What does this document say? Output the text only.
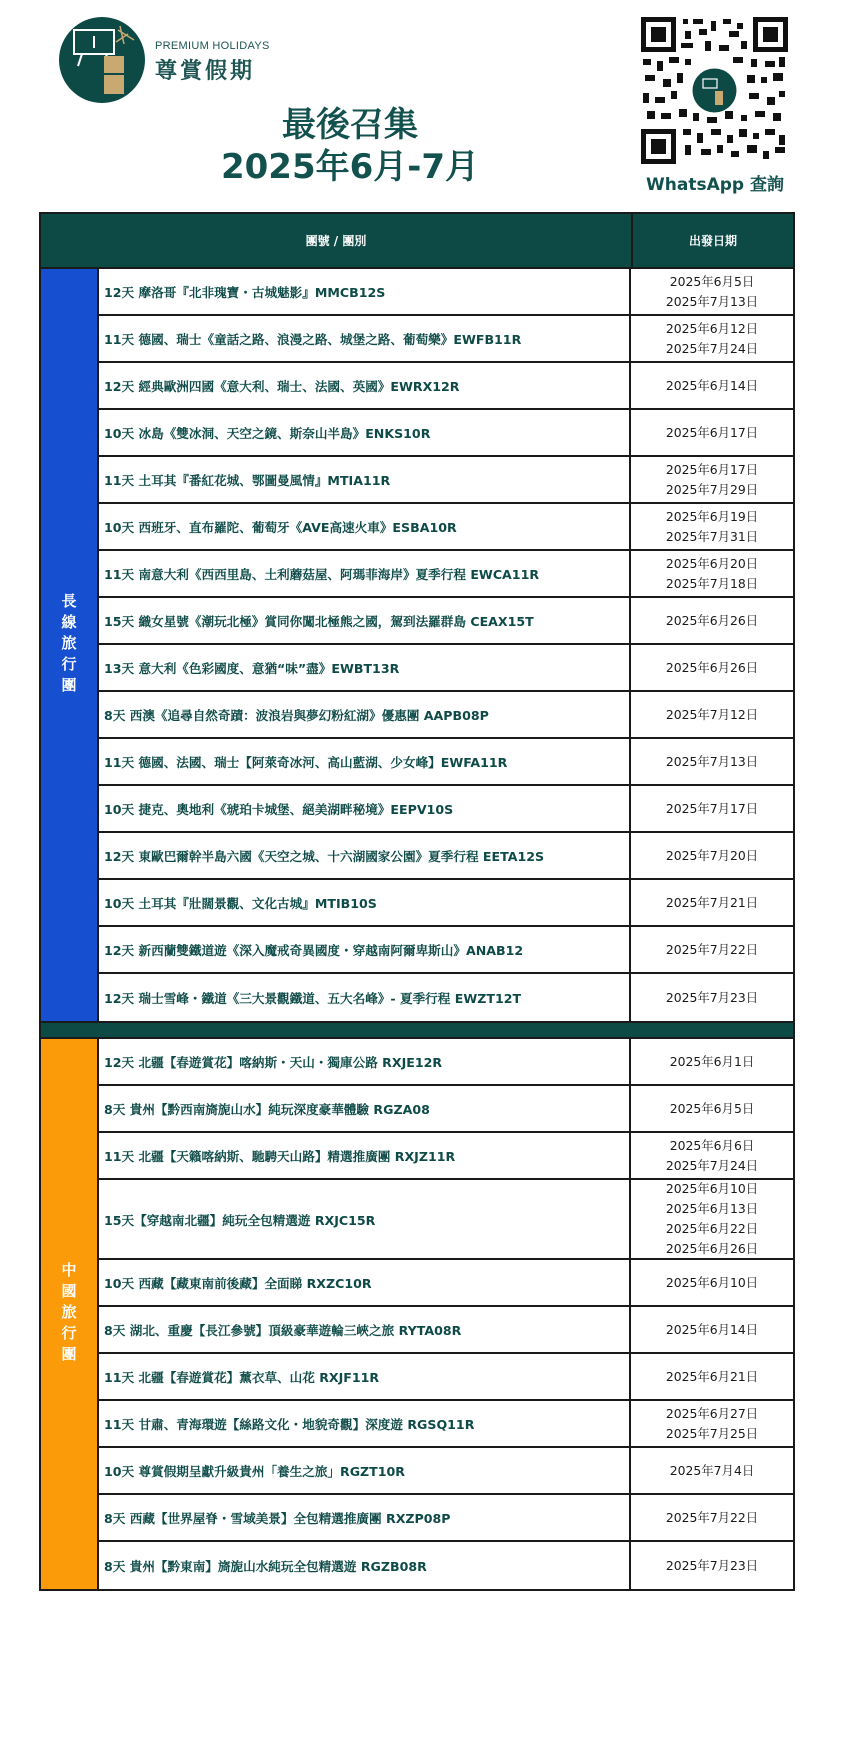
PREMIUM HOLIDAYS
尊賞假期
最後召集
2025年6月-7月	WhatsApp 查詢
團號 / 團別	出發日期
長線旅行團
12天 摩洛哥『北非瑰寶・古城魅影』MMCB12S
2025年6月5日
2025年7月13日
11天 德國、瑞士《童話之路、浪漫之路、城堡之路、葡萄樂》EWFB11R
2025年6月12日
2025年7月24日
12天 經典歐洲四國《意大利、瑞士、法國、英國》EWRX12R	2025年6月14日
10天 冰島《雙冰洞、天空之鏡、斯奈山半島》ENKS10R	2025年6月17日
11天 土耳其『番紅花城、鄂圖曼風情』MTIA11R
2025年6月17日
2025年7月29日
10天 西班牙、直布羅陀、葡萄牙《AVE高速火車》ESBA10R
2025年6月19日
2025年7月31日
11天 南意大利《西西里島、土利蘑菇屋、阿瑪菲海岸》夏季行程 EWCA11R
2025年6月20日
2025年7月18日
15天 織女星號《潮玩北極》賞同你闖北極熊之國，駕到法羅群島 CEAX15T	2025年6月26日
13天 意大利《色彩國度、意猶“味”盡》EWBT13R	2025年6月26日
8天 西澳《追尋自然奇蹟：波浪岩與夢幻粉紅湖》優惠團 AAPB08P	2025年7月12日
11天 德國、法國、瑞士【阿萊奇冰河、高山藍湖、少女峰】EWFA11R	2025年7月13日
10天 捷克、奧地利《琥珀卡城堡、絕美湖畔秘境》EEPV10S	2025年7月17日
12天 東歐巴爾幹半島六國《天空之城、十六湖國家公園》夏季行程 EETA12S	2025年7月20日
10天 土耳其『壯闊景觀、文化古城』MTIB10S	2025年7月21日
12天 新西蘭雙鐵道遊《深入魔戒奇異國度・穿越南阿爾卑斯山》ANAB12	2025年7月22日
12天 瑞士雪峰・鐵道《三大景觀鐵道、五大名峰》- 夏季行程 EWZT12T	2025年7月23日
中國旅行團
12天 北疆【春遊賞花】喀納斯・天山・獨庫公路 RXJE12R	2025年6月1日
8天 貴州【黔西南旖旎山水】純玩深度豪華體驗 RGZA08	2025年6月5日
11天 北疆【天籟喀納斯、馳騁天山路】精選推廣團 RXJZ11R
2025年6月6日
2025年7月24日
15天【穿越南北疆】純玩全包精選遊 RXJC15R
2025年6月10日
2025年6月13日
2025年6月22日
2025年6月26日
10天 西藏【藏東南前後藏】全面睇 RXZC10R	2025年6月10日
8天 湖北、重慶【長江參號】頂級豪華遊輪三峽之旅 RYTA08R	2025年6月14日
11天 北疆【春遊賞花】薰衣草、山花 RXJF11R	2025年6月21日
11天 甘肅、青海環遊【絲路文化・地貌奇觀】深度遊 RGSQ11R
2025年6月27日
2025年7月25日
10天 尊賞假期呈獻升級貴州「養生之旅」RGZT10R	2025年7月4日
8天 西藏【世界屋脊・雪域美景】全包精選推廣團 RXZP08P	2025年7月22日
8天 貴州【黔東南】旖旎山水純玩全包精選遊 RGZB08R	2025年7月23日
